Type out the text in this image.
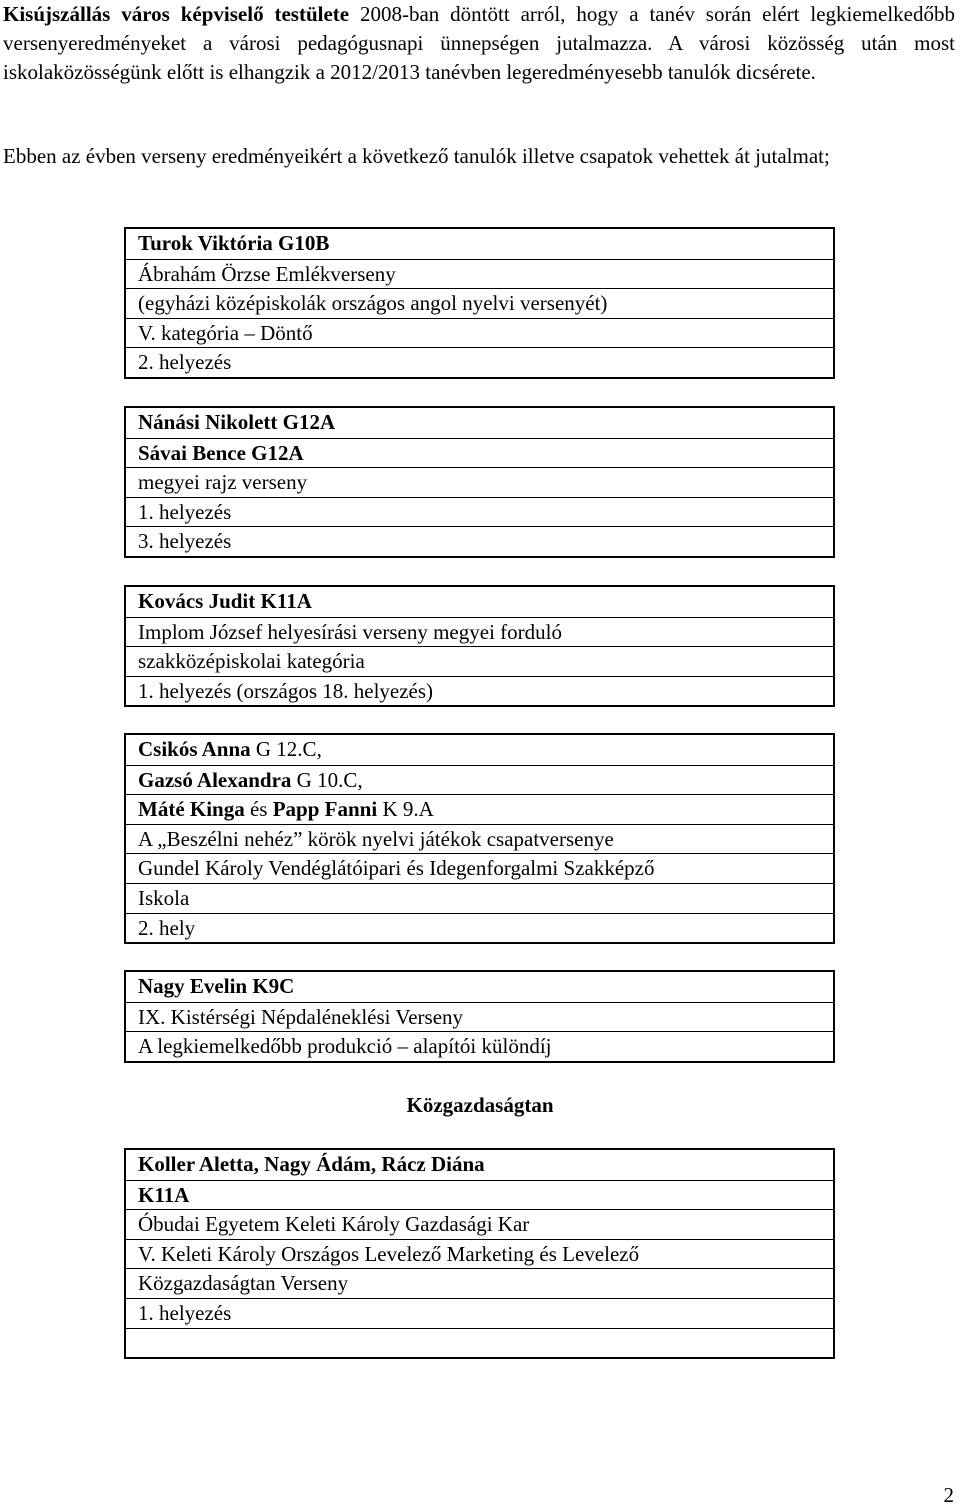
Kisújszállás város képviselő testülete 2008-ban döntött arról, hogy a tanév során elért legkiemelkedőbb versenyeredményeket a városi pedagógusnapi ünnepségen jutalmazza. A városi közösség után most iskolaközösségünk előtt is elhangzik a 2012/2013 tanévben legeredményesebb tanulók dicsérete.

Ebben az évben verseny eredményeikért a következő tanulók illetve csapatok vehettek át jutalmat;

Turok Viktória G10B
Ábrahám Örzse Emlékverseny
(egyházi középiskolák országos angol nyelvi versenyét)
V. kategória – Döntő
2. helyezés
Nánási Nikolett G12A
Sávai Bence G12A
megyei rajz verseny
1. helyezés
3. helyezés
Kovács Judit K11A
Implom József helyesírási verseny megyei forduló
szakközépiskolai kategória
1. helyezés (országos 18. helyezés)
Csikós Anna G 12.C,
Gazsó Alexandra G 10.C,
Máté Kinga és Papp Fanni K 9.A
A „Beszélni nehéz” körök nyelvi játékok csapatversenye
Gundel Károly Vendéglátóipari és Idegenforgalmi Szakképző
Iskola
2. hely
Nagy Evelin K9C
IX. Kistérségi Népdaléneklési Verseny
A legkiemelkedőbb produkció – alapítói különdíj
Közgazdaságtan
Koller Aletta, Nagy Ádám, Rácz Diána
K11A
Óbudai Egyetem Keleti Károly Gazdasági Kar
V. Keleti Károly Országos Levelező Marketing és Levelező
Közgazdaságtan Verseny
1. helyezés
2
